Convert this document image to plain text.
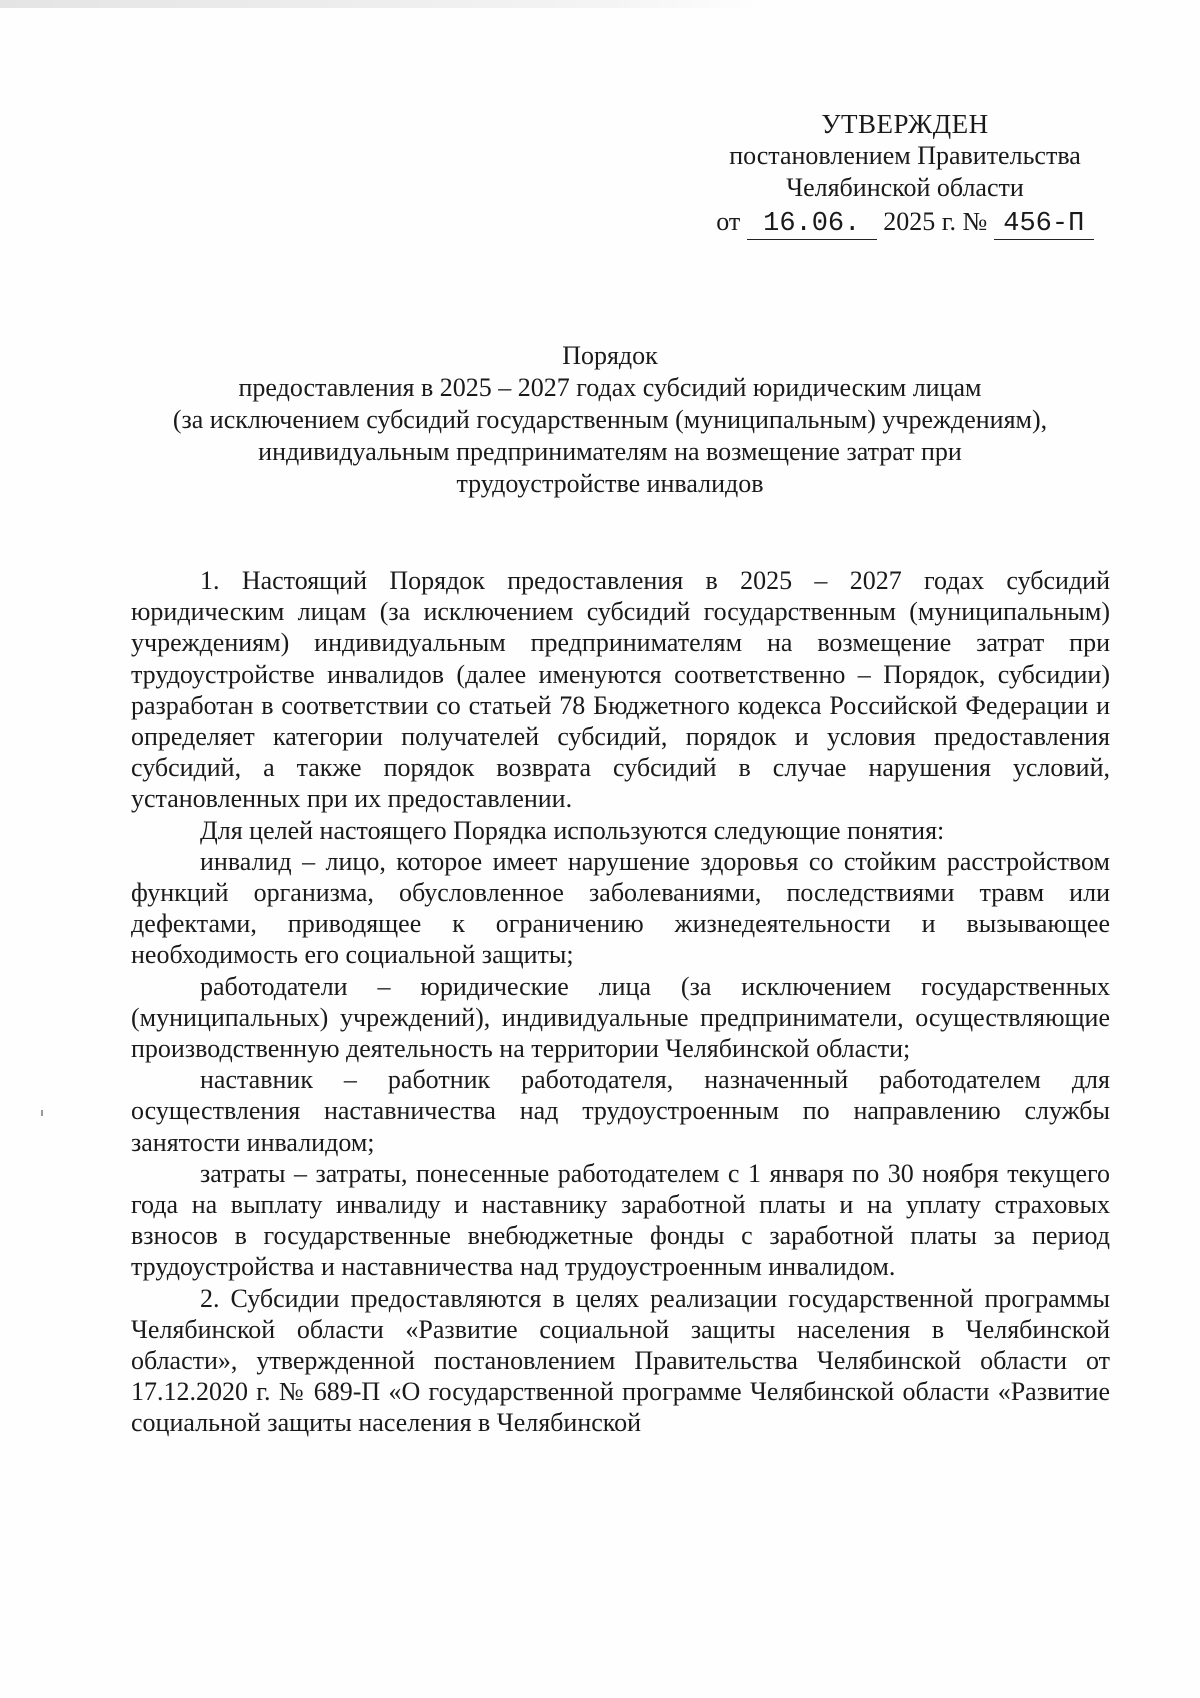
УТВЕРЖДЕН
постановлением Правительства
Челябинской области
от 16.06. 2025 г. № 456-П
Порядок
предоставления в 2025 – 2027 годах субсидий юридическим лицам
(за исключением субсидий государственным (муниципальным) учреждениям),
индивидуальным предпринимателям на возмещение затрат при
трудоустройстве инвалидов

1. Настоящий Порядок предоставления в 2025 – 2027 годах субсидий юридическим лицам (за исключением субсидий государственным (муниципальным) учреждениям) индивидуальным предпринимателям на возмещение затрат при трудоустройстве инвалидов (далее именуются соответственно – Порядок, субсидии) разработан в соответствии со статьей 78 Бюджетного кодекса Российской Федерации и определяет категории получателей субсидий, порядок и условия предоставления субсидий, а также порядок возврата субсидий в случае нарушения условий, установленных при их предоставлении.

Для целей настоящего Порядка используются следующие понятия:

инвалид – лицо, которое имеет нарушение здоровья со стойким расстройством функций организма, обусловленное заболеваниями, последствиями травм или дефектами, приводящее к ограничению жизнедеятельности и вызывающее необходимость его социальной защиты;

работодатели – юридические лица (за исключением государственных (муниципальных) учреждений), индивидуальные предприниматели, осуществляющие производственную деятельность на территории Челябинской области;

наставник – работник работодателя, назначенный работодателем для осуществления наставничества над трудоустроенным по направлению службы занятости инвалидом;

затраты – затраты, понесенные работодателем с 1 января по 30 ноября текущего года на выплату инвалиду и наставнику заработной платы и на уплату страховых взносов в государственные внебюджетные фонды с заработной платы за период трудоустройства и наставничества над трудоустроенным инвалидом.

2. Субсидии предоставляются в целях реализации государственной программы Челябинской области «Развитие социальной защиты населения в Челябинской области», утвержденной постановлением Правительства Челябинской области от 17.12.2020 г. № 689-П «О государственной программе Челябинской области «Развитие социальной защиты населения в Челябинской
